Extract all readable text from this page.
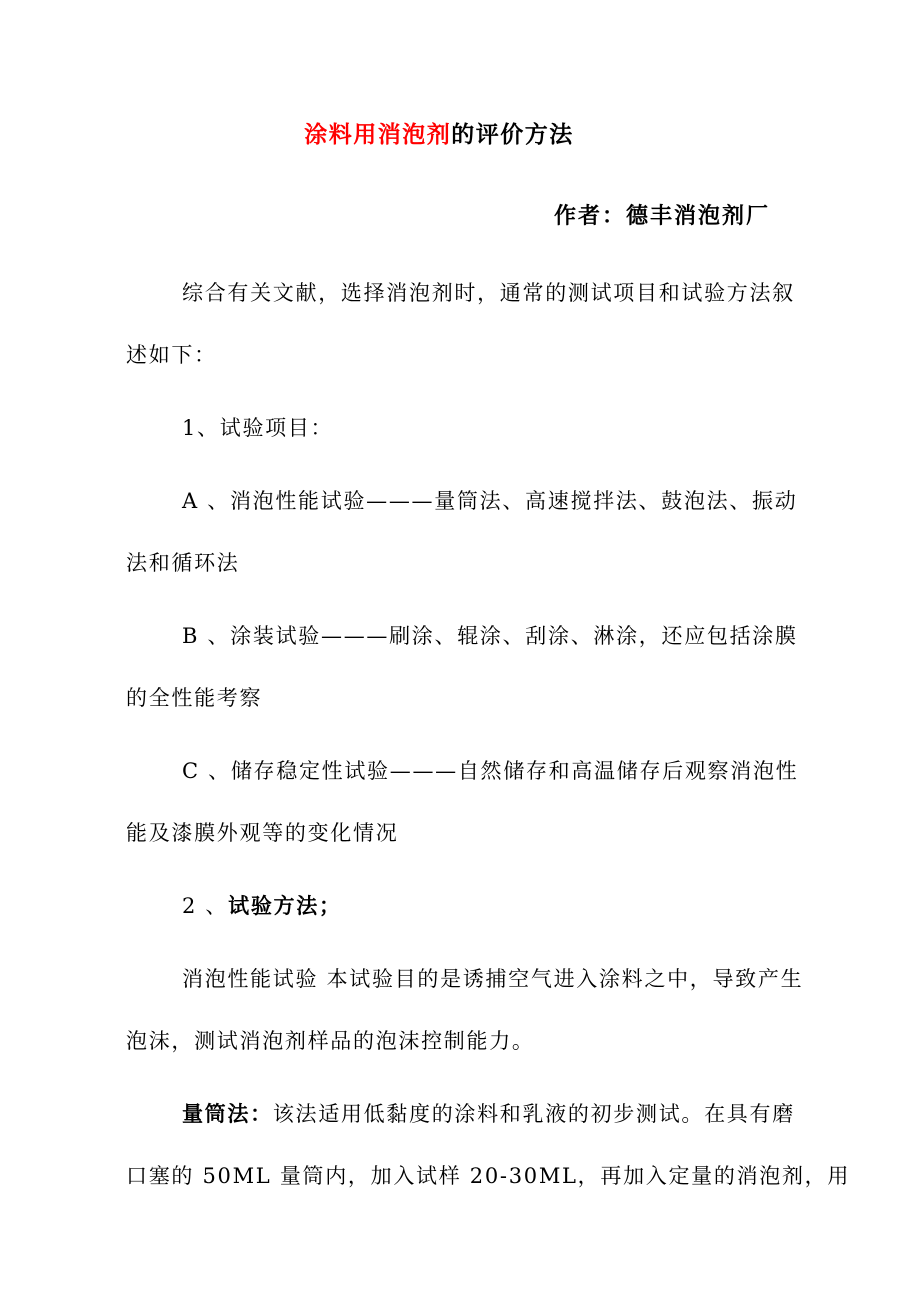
涂料用消泡剂的评价方法
作者：德丰消泡剂厂
综合有关文献，选择消泡剂时，通常的测试项目和试验方法叙
述如下：
1、试验项目：
A 、消泡性能试验———量筒法、高速搅拌法、鼓泡法、振动
法和循环法
B 、涂装试验———刷涂、辊涂、刮涂、淋涂，还应包括涂膜
的全性能考察
C 、储存稳定性试验———自然储存和高温储存后观察消泡性
能及漆膜外观等的变化情况
2 、试验方法；
消泡性能试验 本试验目的是诱捕空气进入涂料之中，导致产生
泡沫，测试消泡剂样品的泡沫控制能力。
量筒法：该法适用低黏度的涂料和乳液的初步测试。在具有磨
口塞的 50ML 量筒内，加入试样 20-30ML，再加入定量的消泡剂，用
